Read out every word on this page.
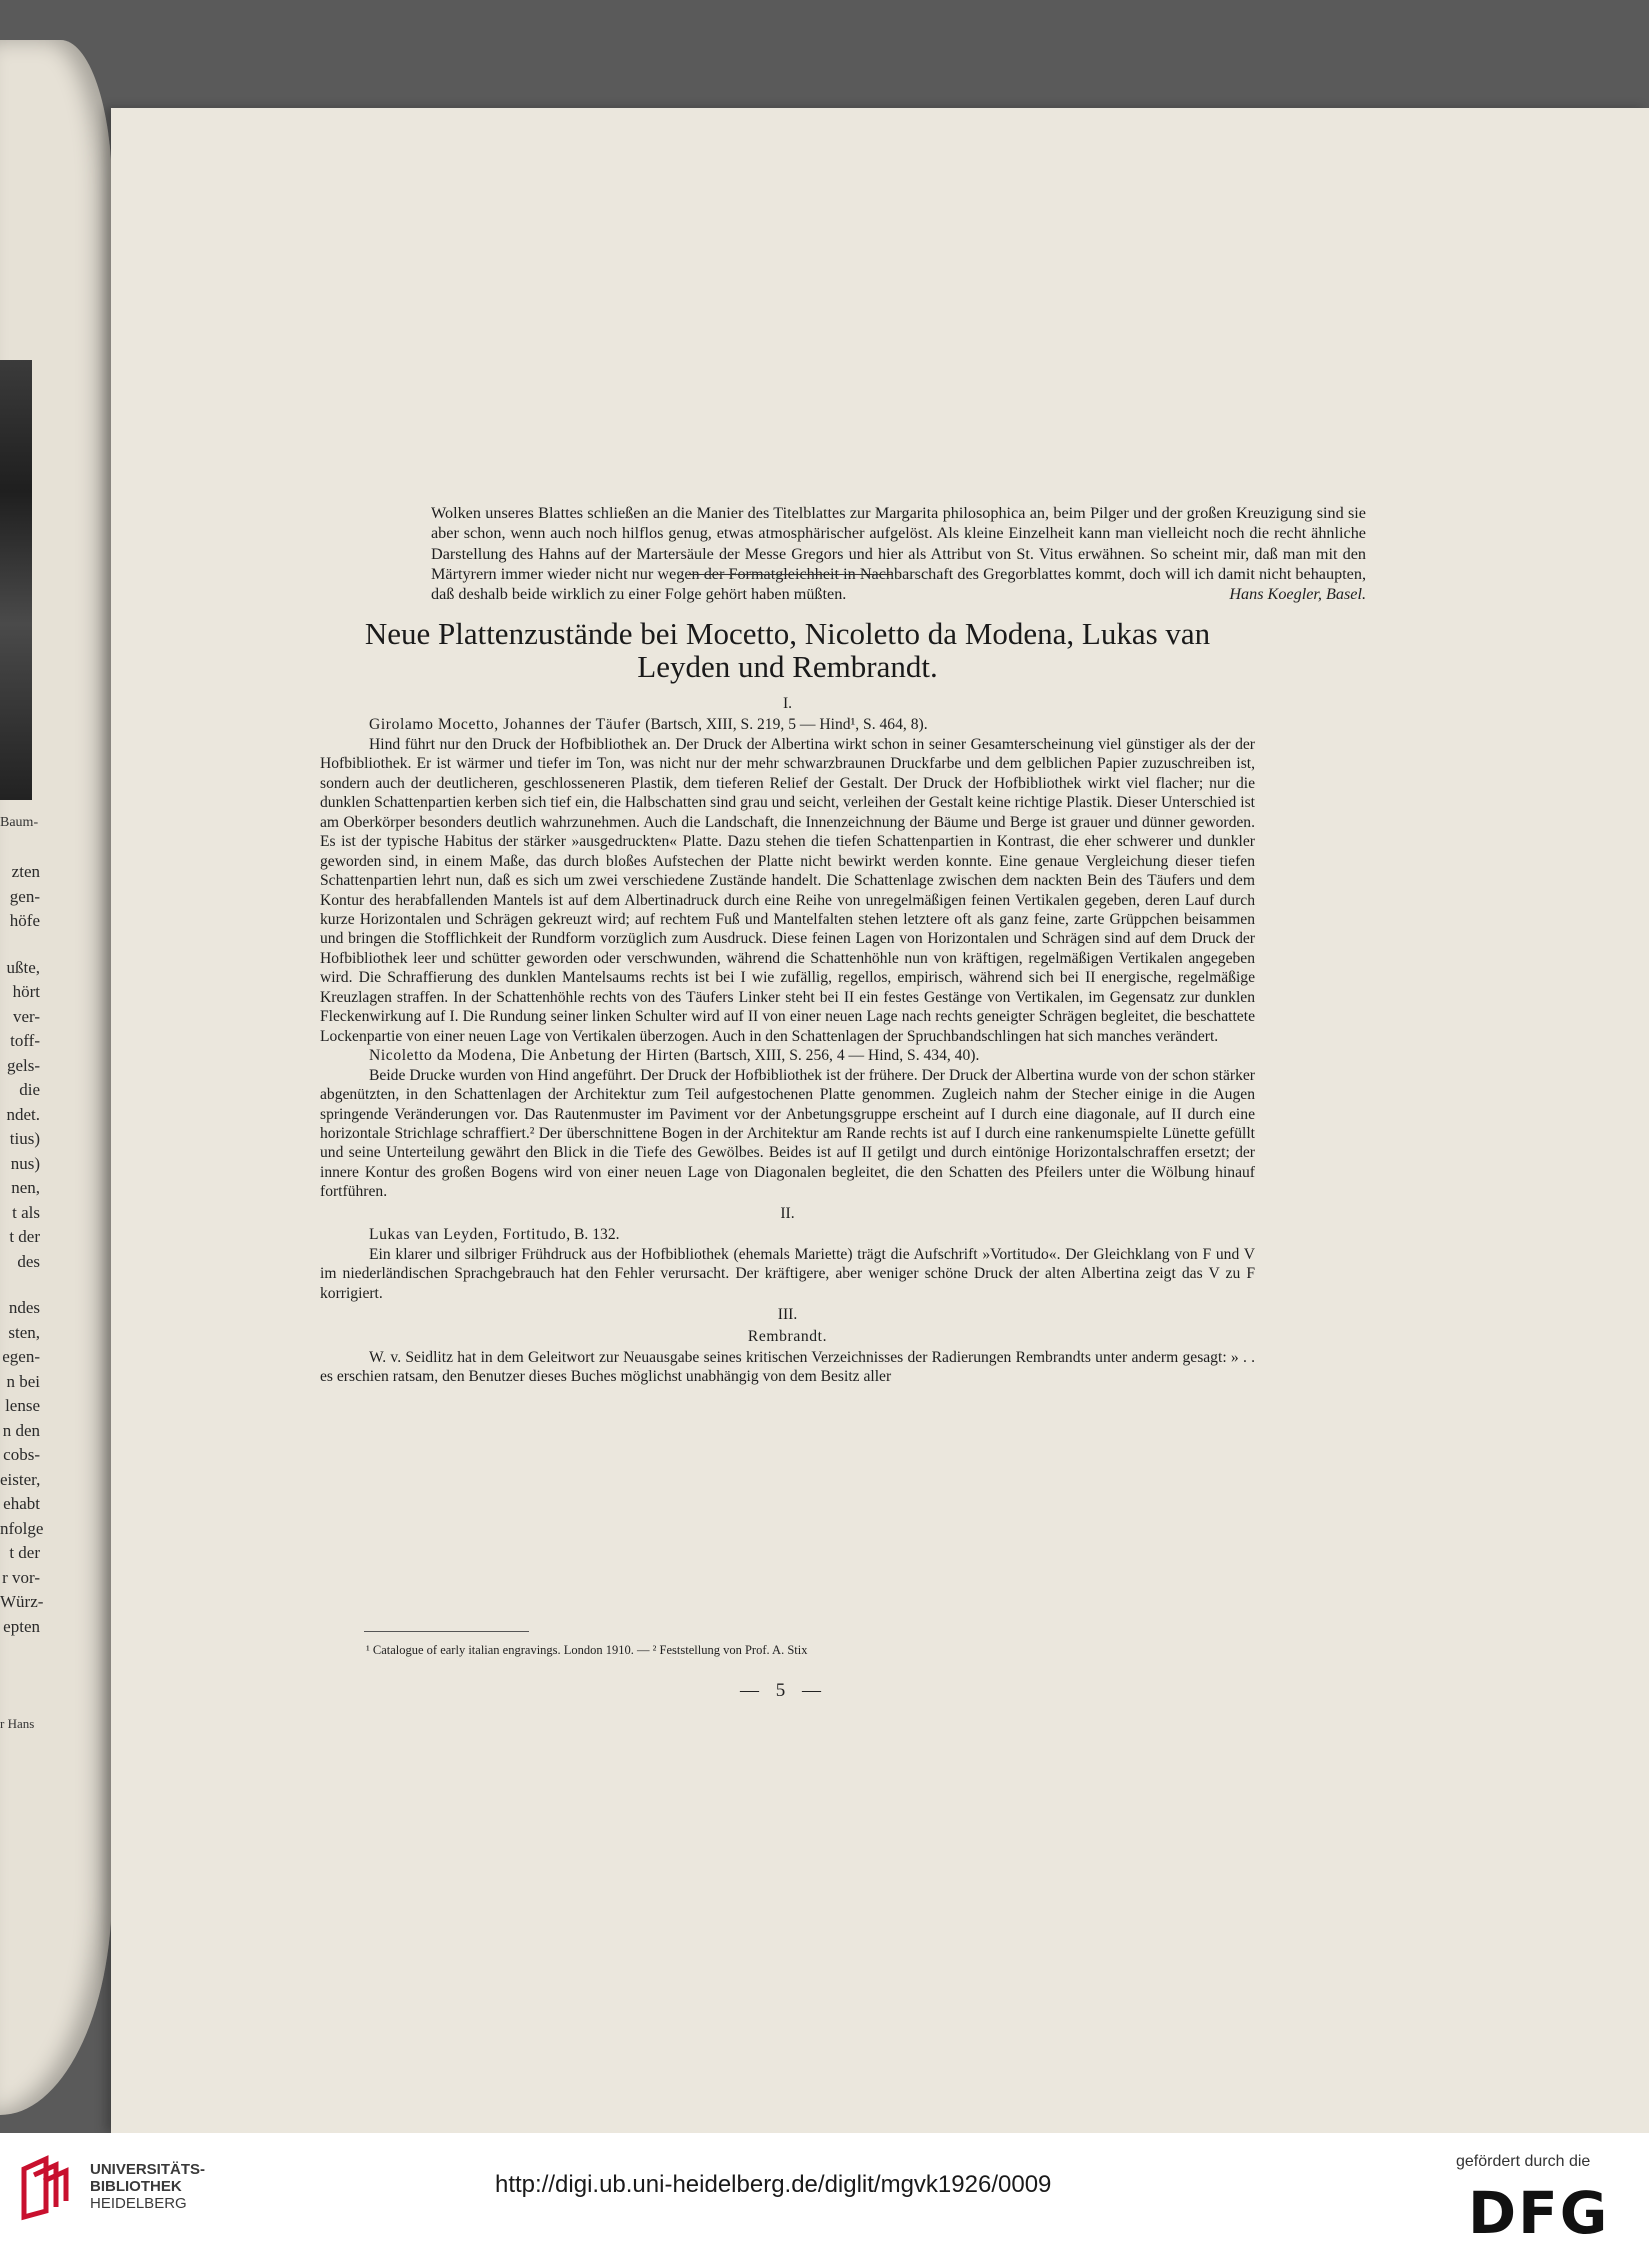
Baum-
zten
gen-
höfe
ußte,
hört
ver-
toff-
gels-
die
ndet.
tius)
nus)
nen,
t als
t der
des
ndes
sten,
egen-
n bei
lense
n den
cobs-
eister,
ehabt
nfolge
t der
r vor-
Würz-
epten
r Hans

Wolken unseres Blattes schließen an die Manier des Titelblattes zur Margarita philosophica an, beim Pilger und der großen Kreuzigung sind sie aber schon, wenn auch noch hilflos genug, etwas atmosphärischer aufgelöst. Als kleine Einzelheit kann man vielleicht noch die recht ähnliche Darstellung des Hahns auf der Martersäule der Messe Gregors und hier als Attribut von St. Vitus erwähnen. So scheint mir, daß man mit den Märtyrern immer wieder nicht nur wegen der Formatgleichheit in Nachbarschaft des Gregorblattes kommt, doch will ich damit nicht behaupten, daß deshalb beide wirklich zu einer Folge gehört haben müßten.	Hans Koegler, Basel.

Neue Plattenzustände bei Mocetto, Nicoletto da Modena, Lukas van Leyden und Rembrandt.

I.

Girolamo Mocetto, Johannes der Täufer (Bartsch, XIII, S. 219, 5 — Hind¹, S. 464, 8).

Hind führt nur den Druck der Hofbibliothek an. Der Druck der Albertina wirkt schon in seiner Gesamterscheinung viel günstiger als der der Hofbibliothek. Er ist wärmer und tiefer im Ton, was nicht nur der mehr schwarzbraunen Druckfarbe und dem gelblichen Papier zuzuschreiben ist, sondern auch der deutlicheren, geschlosseneren Plastik, dem tieferen Relief der Gestalt. Der Druck der Hofbibliothek wirkt viel flacher; nur die dunklen Schattenpartien kerben sich tief ein, die Halbschatten sind grau und seicht, verleihen der Gestalt keine richtige Plastik. Dieser Unterschied ist am Oberkörper besonders deutlich wahrzunehmen. Auch die Landschaft, die Innenzeichnung der Bäume und Berge ist grauer und dünner geworden. Es ist der typische Habitus der stärker »ausgedruckten« Platte. Dazu stehen die tiefen Schattenpartien in Kontrast, die eher schwerer und dunkler geworden sind, in einem Maße, das durch bloßes Aufstechen der Platte nicht bewirkt werden konnte. Eine genaue Vergleichung dieser tiefen Schattenpartien lehrt nun, daß es sich um zwei verschiedene Zustände handelt. Die Schattenlage zwischen dem nackten Bein des Täufers und dem Kontur des herabfallenden Mantels ist auf dem Albertinadruck durch eine Reihe von unregelmäßigen feinen Vertikalen gegeben, deren Lauf durch kurze Horizontalen und Schrägen gekreuzt wird; auf rechtem Fuß und Mantelfalten stehen letztere oft als ganz feine, zarte Grüppchen beisammen und bringen die Stofflichkeit der Rundform vorzüglich zum Ausdruck. Diese feinen Lagen von Horizontalen und Schrägen sind auf dem Druck der Hofbibliothek leer und schütter geworden oder verschwunden, während die Schattenhöhle nun von kräftigen, regelmäßigen Vertikalen angegeben wird. Die Schraffierung des dunklen Mantelsaums rechts ist bei I wie zufällig, regellos, empirisch, während sich bei II energische, regelmäßige Kreuzlagen straffen. In der Schattenhöhle rechts von des Täufers Linker steht bei II ein festes Gestänge von Vertikalen, im Gegensatz zur dunklen Fleckenwirkung auf I. Die Rundung seiner linken Schulter wird auf II von einer neuen Lage nach rechts geneigter Schrägen begleitet, die beschattete Lockenpartie von einer neuen Lage von Vertikalen überzogen. Auch in den Schattenlagen der Spruchbandschlingen hat sich manches verändert.

Nicoletto da Modena, Die Anbetung der Hirten (Bartsch, XIII, S. 256, 4 — Hind, S. 434, 40).

Beide Drucke wurden von Hind angeführt. Der Druck der Hofbibliothek ist der frühere. Der Druck der Albertina wurde von der schon stärker abgenützten, in den Schattenlagen der Architektur zum Teil aufgestochenen Platte genommen. Zugleich nahm der Stecher einige in die Augen springende Veränderungen vor. Das Rautenmuster im Paviment vor der Anbetungsgruppe erscheint auf I durch eine diagonale, auf II durch eine horizontale Strichlage schraffiert.² Der überschnittene Bogen in der Architektur am Rande rechts ist auf I durch eine rankenumspielte Lünette gefüllt und seine Unterteilung gewährt den Blick in die Tiefe des Gewölbes. Beides ist auf II getilgt und durch eintönige Horizontalschraffen ersetzt; der innere Kontur des großen Bogens wird von einer neuen Lage von Diagonalen begleitet, die den Schatten des Pfeilers unter die Wölbung hinauf fortführen.

II.

Lukas van Leyden, Fortitudo, B. 132.

Ein klarer und silbriger Frühdruck aus der Hofbibliothek (ehemals Mariette) trägt die Aufschrift »Vortitudo«. Der Gleichklang von F und V im niederländischen Sprachgebrauch hat den Fehler verursacht. Der kräftigere, aber weniger schöne Druck der alten Albertina zeigt das V zu F korrigiert.

III.

Rembrandt.

W. v. Seidlitz hat in dem Geleitwort zur Neuausgabe seines kritischen Verzeichnisses der Radierungen Rembrandts unter anderm gesagt: » . . es erschien ratsam, den Benutzer dieses Buches möglichst unabhängig von dem Besitz aller

¹ Catalogue of early italian engravings. London 1910. — ² Feststellung von Prof. A. Stix
— 5 —
UNIVERSITÄTS-
BIBLIOTHEK
HEIDELBERG
http://digi.ub.uni-heidelberg.de/diglit/mgvk1926/0009
gefördert durch die
DFG
